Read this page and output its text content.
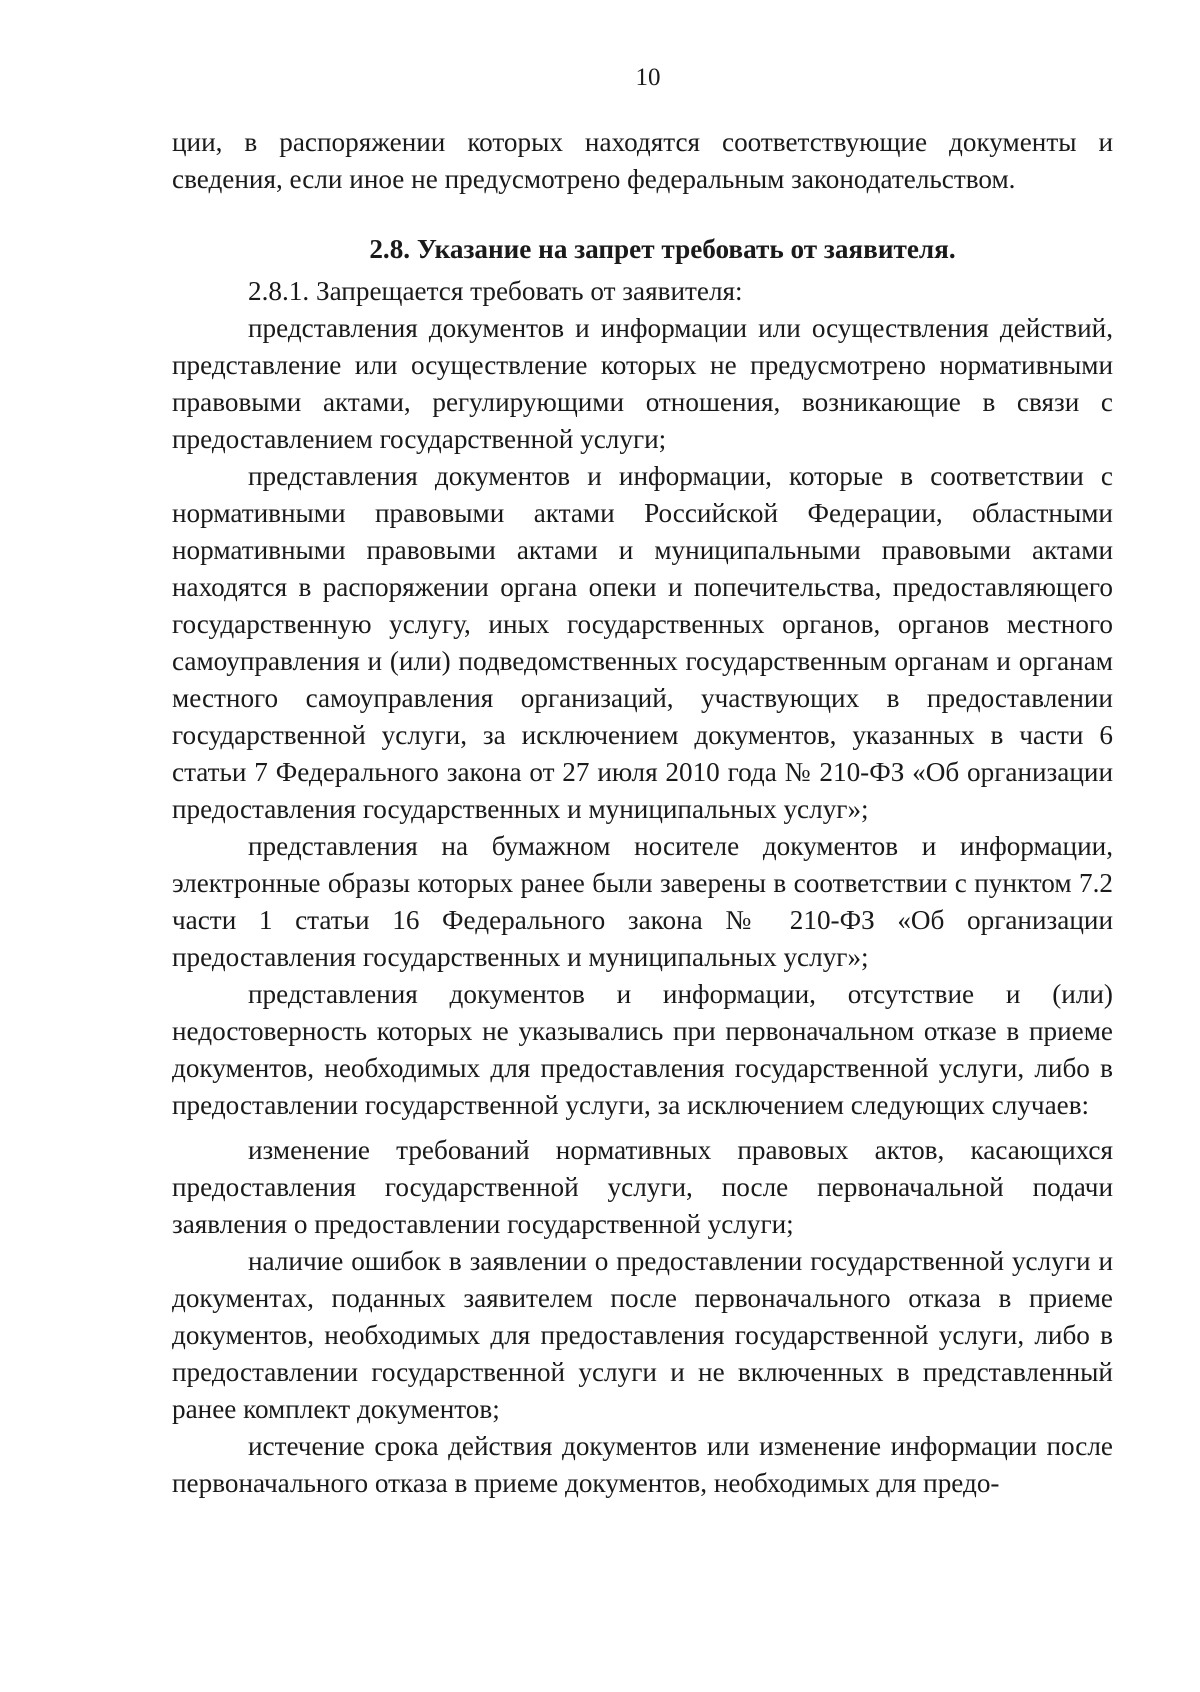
10

ции, в распоряжении которых находятся соответствующие документы и сведения, если иное не предусмотрено федеральным законодательством.

2.8. Указание на запрет требовать от заявителя.

2.8.1. Запрещается требовать от заявителя:

представления документов и информации или осуществления действий, представление или осуществление которых не предусмотрено нормативными правовыми актами, регулирующими отношения, возникающие в связи с предоставлением государственной услуги;

представления документов и информации, которые в соответствии с нормативными правовыми актами Российской Федерации, областными нормативными правовыми актами и муниципальными правовыми актами находятся в распоряжении органа опеки и попечительства, предоставляющего государственную услугу, иных государственных органов, органов местного самоуправления и (или) подведомственных государственным органам и органам местного самоуправления организаций, участвующих в предоставлении государственной услуги, за исключением документов, указанных в части 6 статьи 7 Федерального закона от 27 июля 2010 года № 210-ФЗ «Об организации предоставления государственных и муниципальных услуг»;

представления на бумажном носителе документов и информации, электронные образы которых ранее были заверены в соответствии с пунктом 7.2 части 1 статьи 16 Федерального закона № 210-ФЗ «Об организации предоставления государственных и муниципальных услуг»;

представления документов и информации, отсутствие и (или) недостоверность которых не указывались при первоначальном отказе в приеме документов, необходимых для предоставления государственной услуги, либо в предоставлении государственной услуги, за исключением следующих случаев:

изменение требований нормативных правовых актов, касающихся предоставления государственной услуги, после первоначальной подачи заявления о предоставлении государственной услуги;

наличие ошибок в заявлении о предоставлении государственной услуги и документах, поданных заявителем после первоначального отказа в приеме документов, необходимых для предоставления государственной услуги, либо в предоставлении государственной услуги и не включенных в представленный ранее комплект документов;

истечение срока действия документов или изменение информации после первоначального отказа в приеме документов, необходимых для предо-
